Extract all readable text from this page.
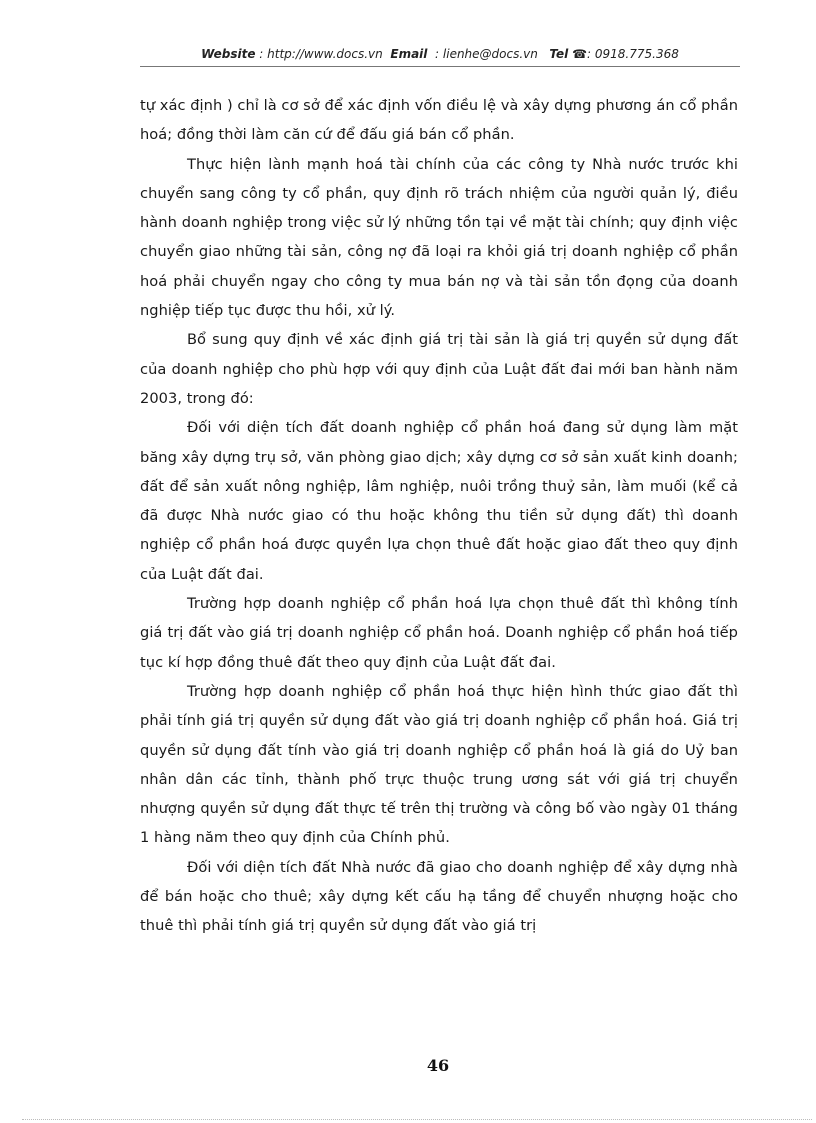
Website : http://www.docs.vn Email : lienhe@docs.vn Tel ☎: 0918.775.368

tự xác định ) chỉ là cơ sở để xác định vốn điều lệ và xây dựng phương án cổ phần hoá; đồng thời làm căn cứ để đấu giá bán cổ phần.

Thực hiện lành mạnh hoá tài chính của các công ty Nhà nước trước khi chuyển sang công ty cổ phần, quy định rõ trách nhiệm của người quản lý, điều hành doanh nghiệp trong việc sử lý những tồn tại về mặt tài chính; quy định việc chuyển giao những tài sản, công nợ đã loại ra khỏi giá trị doanh nghiệp cổ phần hoá phải chuyển ngay cho công ty mua bán nợ và tài sản tồn đọng của doanh nghiệp tiếp tục được thu hồi, xử lý.

Bổ sung quy định về xác định giá trị tài sản là giá trị quyền sử dụng đất của doanh nghiệp cho phù hợp với quy định của Luật đất đai mới ban hành năm 2003, trong đó:

Đối với diện tích đất doanh nghiệp cổ phần hoá đang sử dụng làm mặt băng xây dựng trụ sở, văn phòng giao dịch; xây dựng cơ sở sản xuất kinh doanh; đất để sản xuất nông nghiệp, lâm nghiệp, nuôi trồng thuỷ sản, làm muối (kể cả đã được Nhà nước giao có thu hoặc không thu tiền sử dụng đất) thì doanh nghiệp cổ phần hoá được quyền lựa chọn thuê đất hoặc giao đất theo quy định của Luật đất đai.

Trường hợp doanh nghiệp cổ phần hoá lựa chọn thuê đất thì không tính giá trị đất vào giá trị doanh nghiệp cổ phần hoá. Doanh nghiệp cổ phần hoá tiếp tục kí hợp đồng thuê đất theo quy định của Luật đất đai.

Trường hợp doanh nghiệp cổ phần hoá thực hiện hình thức giao đất thì phải tính giá trị quyền sử dụng đất vào giá trị doanh nghiệp cổ phần hoá. Giá trị quyền sử dụng đất tính vào giá trị doanh nghiệp cổ phần hoá là giá do Uỷ ban nhân dân các tỉnh, thành phố trực thuộc trung ương sát với giá trị chuyển nhượng quyền sử dụng đất thực tế trên thị trường và công bố vào ngày 01 tháng 1 hàng năm theo quy định của Chính phủ.

Đối với diện tích đất Nhà nước đã giao cho doanh nghiệp để xây dựng nhà để bán hoặc cho thuê; xây dựng kết cấu hạ tầng để chuyển nhượng hoặc cho thuê thì phải tính giá trị quyền sử dụng đất vào giá trị

46
